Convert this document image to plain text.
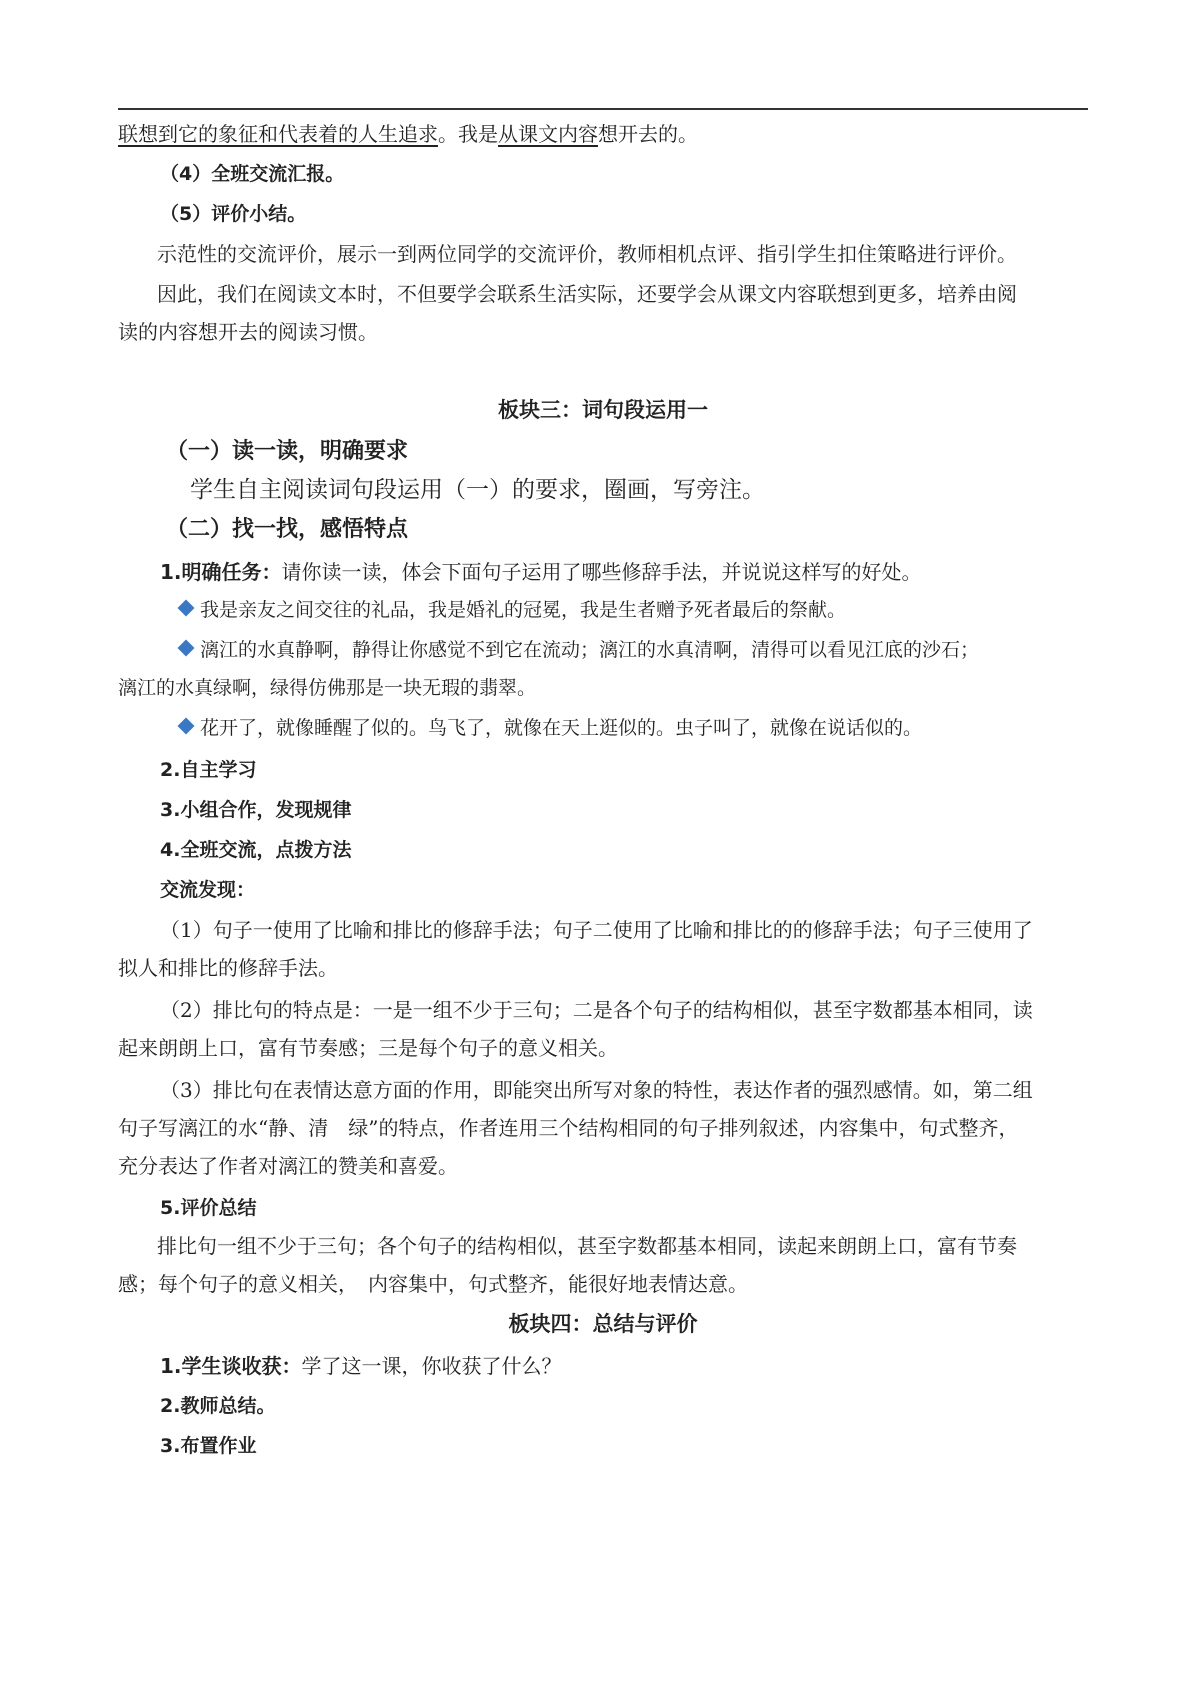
联想到它的象征和代表着的人生追求。我是从课文内容想开去的。
（4）全班交流汇报。
（5）评价小结。
示范性的交流评价，展示一到两位同学的交流评价，教师相机点评、指引学生扣住策略进行评价。
因此，我们在阅读文本时，不但要学会联系生活实际，还要学会从课文内容联想到更多，培养由阅
读的内容想开去的阅读习惯。
板块三：词句段运用一
（一）读一读，明确要求
学生自主阅读词句段运用（一）的要求，圈画，写旁注。
（二）找一找，感悟特点
1.明确任务：请你读一读，体会下面句子运用了哪些修辞手法，并说说这样写的好处。
我是亲友之间交往的礼品，我是婚礼的冠冕，我是生者赠予死者最后的祭献。
漓江的水真静啊，静得让你感觉不到它在流动；漓江的水真清啊，清得可以看见江底的沙石；
漓江的水真绿啊，绿得仿佛那是一块无瑕的翡翠。
花开了，就像睡醒了似的。鸟飞了，就像在天上逛似的。虫子叫了，就像在说话似的。
2.自主学习
3.小组合作，发现规律
4.全班交流，点拨方法
交流发现：
（1）句子一使用了比喻和排比的修辞手法；句子二使用了比喻和排比的的修辞手法；句子三使用了
拟人和排比的修辞手法。
（2）排比句的特点是：一是一组不少于三句；二是各个句子的结构相似，甚至字数都基本相同，读
起来朗朗上口，富有节奏感；三是每个句子的意义相关。
（3）排比句在表情达意方面的作用，即能突出所写对象的特性，表达作者的强烈感情。如，第二组
句子写漓江的水“静、清　绿”的特点，作者连用三个结构相同的句子排列叙述，内容集中，句式整齐，
充分表达了作者对漓江的赞美和喜爱。
5.评价总结
排比句一组不少于三句；各个句子的结构相似，甚至字数都基本相同，读起来朗朗上口，富有节奏
感；每个句子的意义相关，　内容集中，句式整齐，能很好地表情达意。
板块四：总结与评价
1.学生谈收获：学了这一课，你收获了什么？
2.教师总结。
3.布置作业
